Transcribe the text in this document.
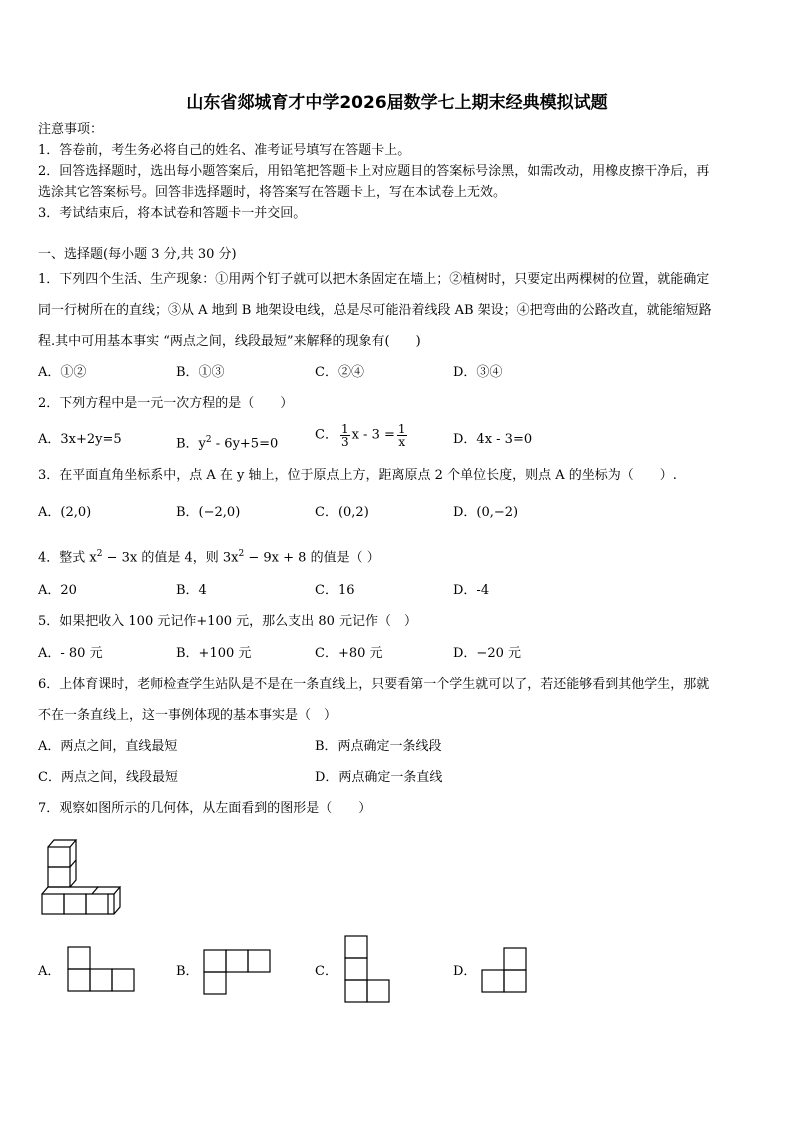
山东省郯城育才中学2026届数学七上期末经典模拟试题
注意事项：
1．答卷前，考生务必将自己的姓名、准考证号填写在答题卡上。
2．回答选择题时，选出每小题答案后，用铅笔把答题卡上对应题目的答案标号涂黑，如需改动，用橡皮擦干净后，再
选涂其它答案标号。回答非选择题时，将答案写在答题卡上，写在本试卷上无效。
3．考试结束后，将本试卷和答题卡一并交回。
一、选择题(每小题 3 分,共 30 分)
1．下列四个生活、生产现象：①用两个钉子就可以把木条固定在墙上；②植树时，只要定出两棵树的位置，就能确定
同一行树所在的直线；③从 A 地到 B 地架设电线，总是尽可能沿着线段 AB 架设；④把弯曲的公路改直，就能缩短路
程.其中可用基本事实 “两点之间，线段最短”来解释的现象有(　　)
A．①②	B．①③	C．②④	D．③④
2．下列方程中是一元一次方程的是（　　）
A．3x+2y=5	B．$y^2 - 6y+5=0$
C． $\frac{1}{3}$ $x - 3 = \frac{1}{x}$	D．4x - 3=0
3．在平面直角坐标系中，点 A 在 y 轴上，位于原点上方，距离原点 2 个单位长度，则点 A 的坐标为（　　）.
A．(2,0)	B．(−2,0)	C．(0,2)	D．(0,−2)
4．整式 $x^2 - 3x$ 的值是 4，则 $3x^2 - 9x + 8$ 的值是（ ）
A．20	B．4	C．16	D．-4
5．如果把收入 100 元记作+100 元，那么支出 80 元记作（　）
A．- 80 元	B．+100 元	C．+80 元	D．−20 元
6．上体育课时，老师检查学生站队是不是在一条直线上，只要看第一个学生就可以了，若还能够看到其他学生，那就
不在一条直线上，这一事例体现的基本事实是（　）
A．两点之间，直线最短	B．两点确定一条线段
C．两点之间，线段最短	D．两点确定一条直线
7．观察如图所示的几何体，从左面看到的图形是（　　）
A．	B．	C．	D．
